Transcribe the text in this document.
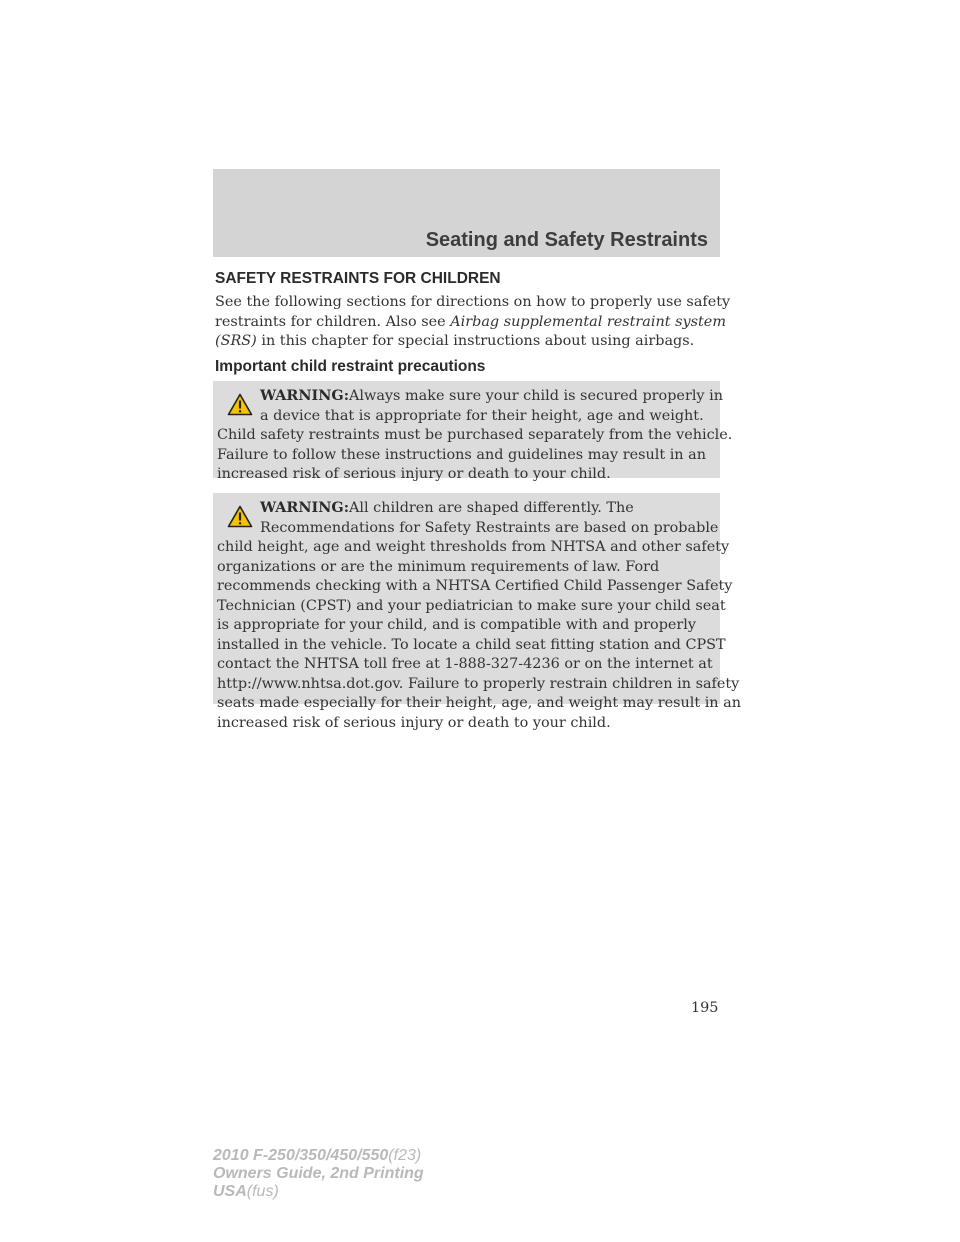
Seating and Safety Restraints
SAFETY RESTRAINTS FOR CHILDREN
See the following sections for directions on how to properly use safety
restraints for children. Also see Airbag supplemental restraint system
(SRS) in this chapter for special instructions about using airbags.
Important child restraint precautions
WARNING:Always make sure your child is secured properly in
a device that is appropriate for their height, age and weight.
Child safety restraints must be purchased separately from the vehicle.
Failure to follow these instructions and guidelines may result in an
increased risk of serious injury or death to your child.
WARNING:All children are shaped differently. The
Recommendations for Safety Restraints are based on probable
child height, age and weight thresholds from NHTSA and other safety
organizations or are the minimum requirements of law. Ford
recommends checking with a NHTSA Certified Child Passenger Safety
Technician (CPST) and your pediatrician to make sure your child seat
is appropriate for your child, and is compatible with and properly
installed in the vehicle. To locate a child seat fitting station and CPST
contact the NHTSA toll free at 1-888-327-4236 or on the internet at
http://www.nhtsa.dot.gov. Failure to properly restrain children in safety
seats made especially for their height, age, and weight may result in an
increased risk of serious injury or death to your child.
195
2010 F-250/350/450/550(f23)
Owners Guide, 2nd Printing
USA(fus)
